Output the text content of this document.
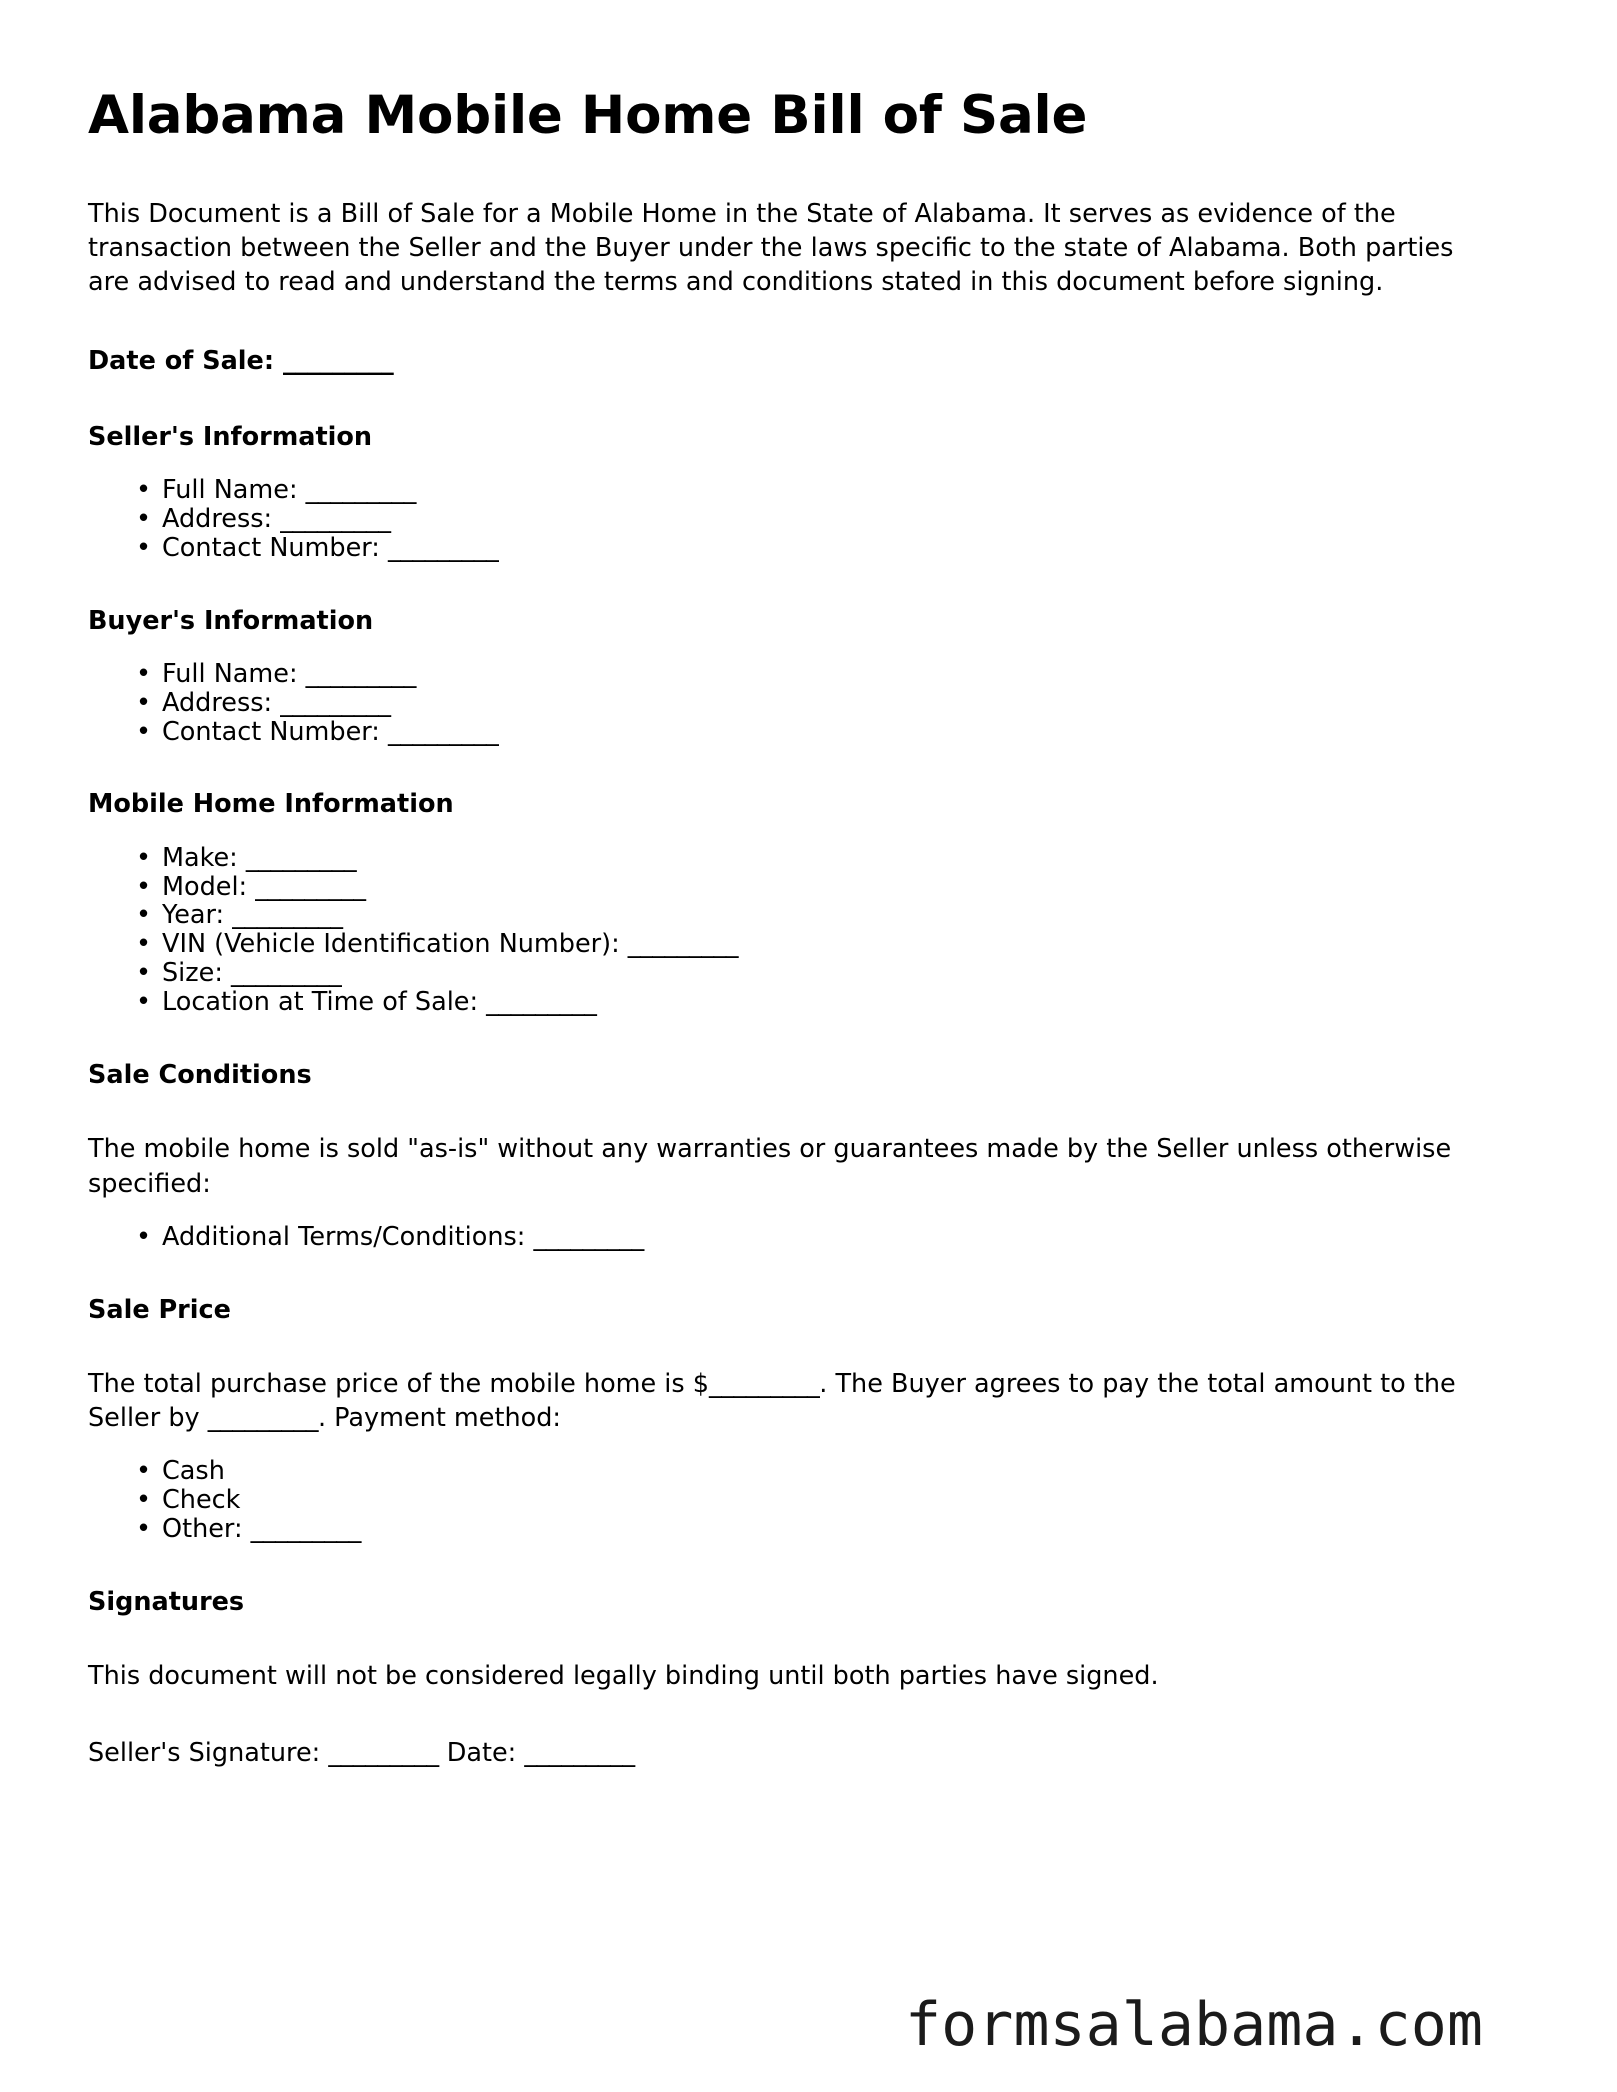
Alabama Mobile Home Bill of Sale

This Document is a Bill of Sale for a Mobile Home in the State of Alabama. It serves as evidence of the transaction between the Seller and the Buyer under the laws specific to the state of Alabama. Both parties are advised to read and understand the terms and conditions stated in this document before signing.

Date of Sale: _________

Seller's Information
• Full Name: _________
• Address: _________
• Contact Number: _________
Buyer's Information
• Full Name: _________
• Address: _________
• Contact Number: _________
Mobile Home Information
• Make: _________
• Model: _________
• Year: _________
• VIN (Vehicle Identification Number): _________
• Size: _________
• Location at Time of Sale: _________
Sale Conditions

The mobile home is sold "as-is" without any warranties or guarantees made by the Seller unless otherwise specified:

• Additional Terms/Conditions: _________
Sale Price

The total purchase price of the mobile home is $_________. The Buyer agrees to pay the total amount to the Seller by _________. Payment method:

• Cash
• Check
• Other: _________
Signatures

This document will not be considered legally binding until both parties have signed.

Seller's Signature: _________ Date: _________

formsalabama.com
